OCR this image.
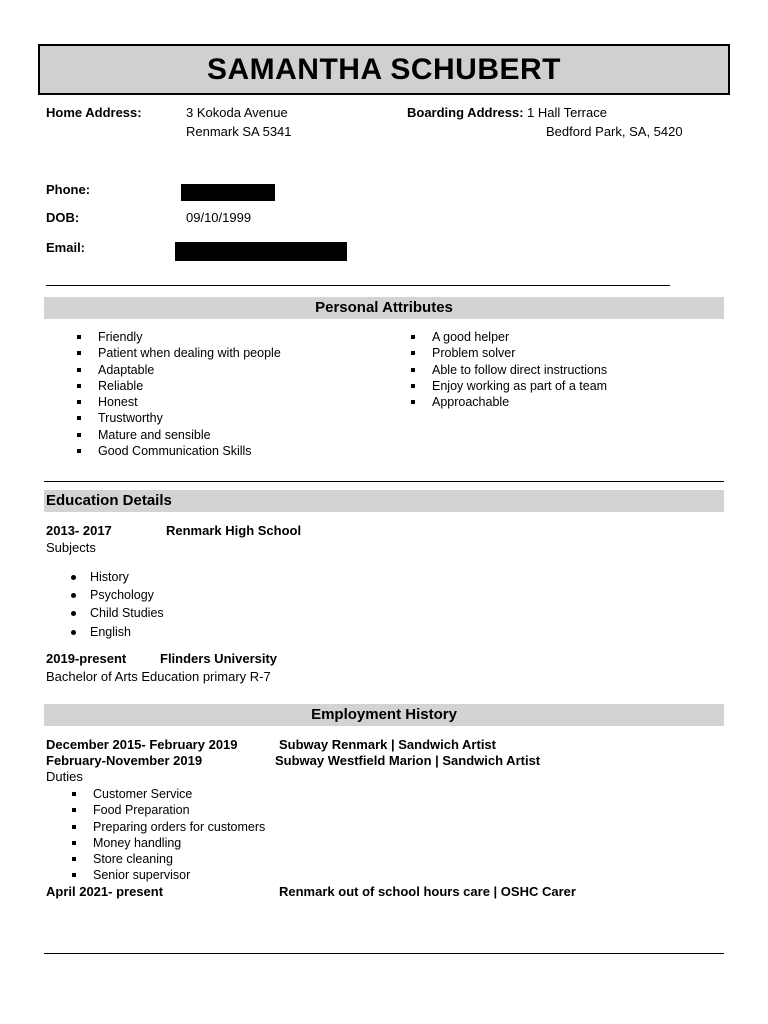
SAMANTHA SCHUBERT
Home Address:	3 Kokoda Avenue
Renmark SA 5341
Boarding Address: 1 Hall Terrace
Bedford Park, SA, 5420
Phone:
DOB:	09/10/1999
Email:
Personal Attributes
Friendly
Patient when dealing with people
Adaptable
Reliable
Honest
Trustworthy
Mature and sensible
Good Communication Skills
A good helper
Problem solver
Able to follow direct instructions
Enjoy working as part of a team
Approachable
Education Details
2013- 2017	Renmark High School
Subjects
History
Psychology
Child Studies
English
2019-present	Flinders University
Bachelor of Arts Education primary R-7
Employment History
December 2015- February 2019	Subway Renmark | Sandwich Artist
February-November 2019	Subway Westfield Marion | Sandwich Artist
Duties
Customer Service
Food Preparation
Preparing orders for customers
Money handling
Store cleaning
Senior supervisor
April 2021- present	Renmark out of school hours care | OSHC Carer
